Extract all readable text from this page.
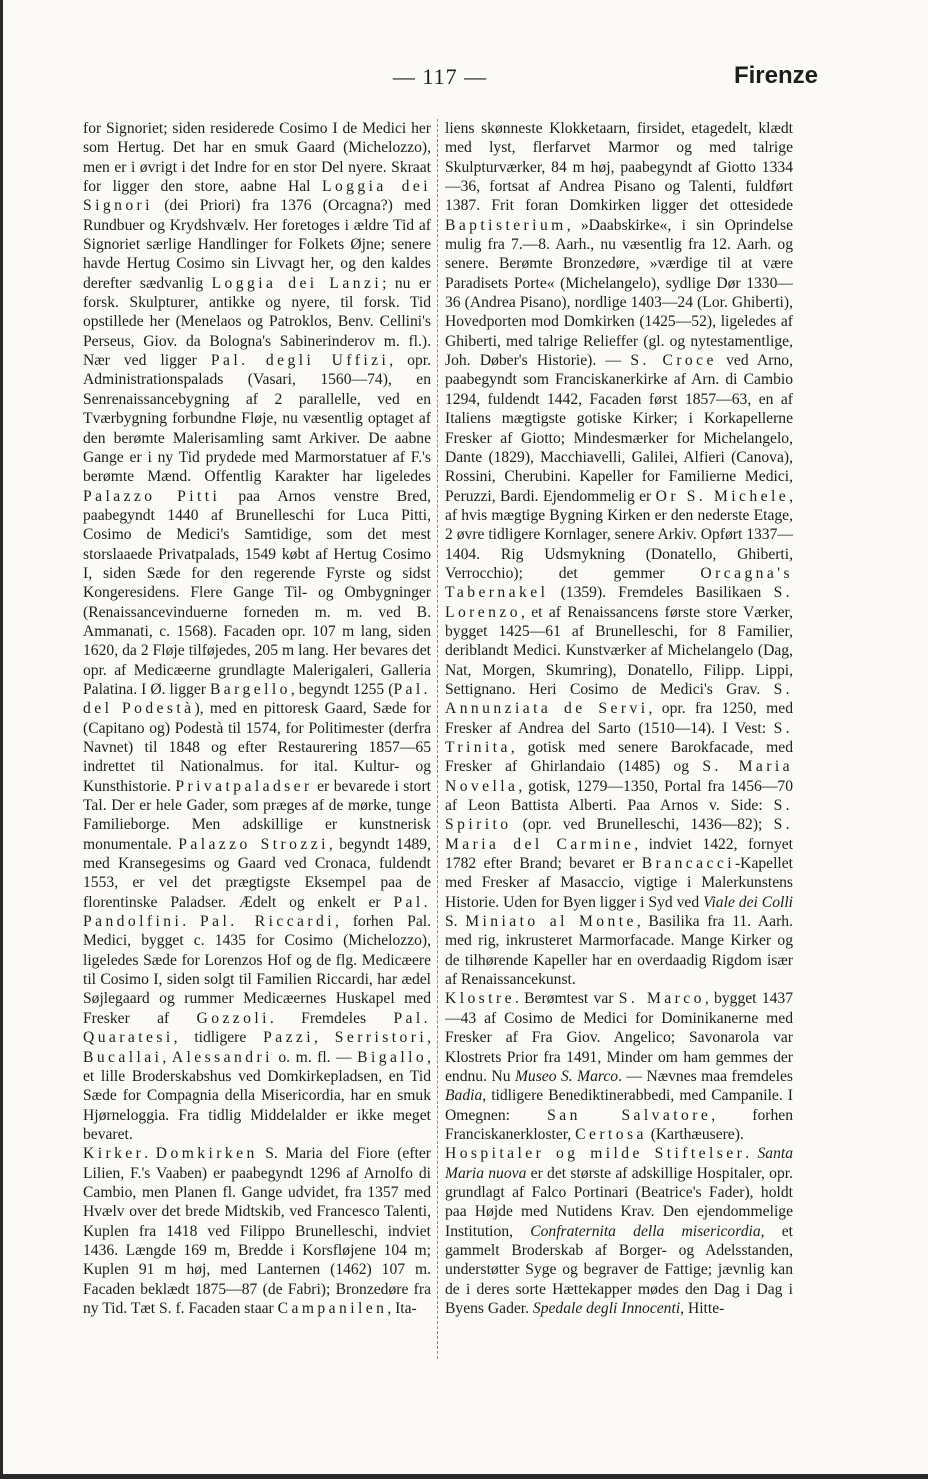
— 117 —	Firenze

for Signoriet; siden residerede Cosimo I de Medici her som Hertug. Det har en smuk Gaard (Michelozzo), men er i øvrigt i det Indre for en stor Del nyere. Skraat for ligger den store, aabne Hal Loggia dei Signori (dei Priori) fra 1376 (Orcagna?) med Rundbuer og Krydshvælv. Her foretoges i ældre Tid af Signoriet særlige Handlinger for Folkets Øjne; senere havde Hertug Cosimo sin Livvagt her, og den kaldes derefter sædvanlig Loggia dei Lanzi; nu er forsk. Skulpturer, antikke og nyere, til forsk. Tid opstillede her (Menelaos og Patroklos, Benv. Cellini's Perseus, Giov. da Bologna's Sabinerinderov m. fl.). Nær ved ligger Pal. degli Uffizi, opr. Administrationspalads (Vasari, 1560—74), en Senrenaissancebygning af 2 parallelle, ved en Tværbygning forbundne Fløje, nu væsentlig optaget af den berømte Malerisamling samt Arkiver. De aabne Gange er i ny Tid prydede med Marmorstatuer af F.'s berømte Mænd. Offentlig Karakter har ligeledes Palazzo Pitti paa Arnos venstre Bred, paabegyndt 1440 af Brunelleschi for Luca Pitti, Cosimo de Medici's Samtidige, som det mest storslaaede Privatpalads, 1549 købt af Hertug Cosimo I, siden Sæde for den regerende Fyrste og sidst Kongeresidens. Flere Gange Til- og Ombygninger (Renaissancevinduerne forneden m. m. ved B. Ammanati, c. 1568). Facaden opr. 107 m lang, siden 1620, da 2 Fløje tilføjedes, 205 m lang. Her bevares det opr. af Medicæerne grundlagte Malerigaleri, Galleria Palatina. I Ø. ligger Bargello, begyndt 1255 (Pal. del Podestà), med en pittoresk Gaard, Sæde for (Capitano og) Podestà til 1574, for Politimester (derfra Navnet) til 1848 og efter Restaurering 1857—65 indrettet til Nationalmus. for ital. Kultur- og Kunsthistorie. Privatpaladser er bevarede i stort Tal. Der er hele Gader, som præges af de mørke, tunge Familieborge. Men adskillige er kunstnerisk monumentale. Palazzo Strozzi, begyndt 1489, med Kransegesims og Gaard ved Cronaca, fuldendt 1553, er vel det prægtigste Eksempel paa de florentinske Paladser. Ædelt og enkelt er Pal. Pandolfini. Pal. Riccardi, forhen Pal. Medici, bygget c. 1435 for Cosimo (Michelozzo), ligeledes Sæde for Lorenzos Hof og de flg. Medicæere til Cosimo I, siden solgt til Familien Riccardi, har ædel Søjlegaard og rummer Medicæernes Huskapel med Fresker af Gozzoli. Fremdeles Pal. Quaratesi, tidligere Pazzi, Serristori, Bucallai, Alessandri o. m. fl. — Bigallo, et lille Broderskabshus ved Domkirkepladsen, en Tid Sæde for Compagnia della Misericordia, har en smuk Hjørneloggia. Fra tidlig Middelalder er ikke meget bevaret.

Kirker. Domkirken S. Maria del Fiore (efter Lilien, F.'s Vaaben) er paabegyndt 1296 af Arnolfo di Cambio, men Planen fl. Gange udvidet, fra 1357 med Hvælv over det brede Midtskib, ved Francesco Talenti, Kuplen fra 1418 ved Filippo Brunelleschi, indviet 1436. Længde 169 m, Bredde i Korsfløjene 104 m; Kuplen 91 m høj, med Lanternen (1462) 107 m. Facaden beklædt 1875—87 (de Fabri); Bronzedøre fra ny Tid. Tæt S. f. Facaden staar Campanilen, Ita-

liens skønneste Klokketaarn, firsidet, etagedelt, klædt med lyst, flerfarvet Marmor og med talrige Skulpturværker, 84 m høj, paabegyndt af Giotto 1334—36, fortsat af Andrea Pisano og Talenti, fuldført 1387. Frit foran Domkirken ligger det ottesidede Baptisterium, »Daabskirke«, i sin Oprindelse mulig fra 7.—8. Aarh., nu væsentlig fra 12. Aarh. og senere. Berømte Bronzedøre, »værdige til at være Paradisets Porte« (Michelangelo), sydlige Dør 1330—36 (Andrea Pisano), nordlige 1403—24 (Lor. Ghiberti), Hovedporten mod Domkirken (1425—52), ligeledes af Ghiberti, med talrige Relieffer (gl. og nytestamentlige, Joh. Døber's Historie). — S. Croce ved Arno, paabegyndt som Franciskanerkirke af Arn. di Cambio 1294, fuldendt 1442, Facaden først 1857—63, en af Italiens mægtigste gotiske Kirker; i Korkapellerne Fresker af Giotto; Mindesmærker for Michelangelo, Dante (1829), Macchiavelli, Galilei, Alfieri (Canova), Rossini, Cherubini. Kapeller for Familierne Medici, Peruzzi, Bardi. Ejendommelig er Or S. Michele, af hvis mægtige Bygning Kirken er den nederste Etage, 2 øvre tidligere Kornlager, senere Arkiv. Opført 1337—1404. Rig Udsmykning (Donatello, Ghiberti, Verrocchio); det gemmer Orcagna's Tabernakel (1359). Fremdeles Basilikaen S. Lorenzo, et af Renaissancens første store Værker, bygget 1425—61 af Brunelleschi, for 8 Familier, deriblandt Medici. Kunstværker af Michelangelo (Dag, Nat, Morgen, Skumring), Donatello, Filipp. Lippi, Settignano. Heri Cosimo de Medici's Grav. S. Annunziata de Servi, opr. fra 1250, med Fresker af Andrea del Sarto (1510—14). I Vest: S. Trinita, gotisk med senere Barokfacade, med Fresker af Ghirlandaio (1485) og S. Maria Novella, gotisk, 1279—1350, Portal fra 1456—70 af Leon Battista Alberti. Paa Arnos v. Side: S. Spirito (opr. ved Brunelleschi, 1436—82); S. Maria del Carmine, indviet 1422, fornyet 1782 efter Brand; bevaret er Brancacci-Kapellet med Fresker af Masaccio, vigtige i Malerkunstens Historie. Uden for Byen ligger i Syd ved Viale dei Colli S. Miniato al Monte, Basilika fra 11. Aarh. med rig, inkrusteret Marmorfacade. Mange Kirker og de tilhørende Kapeller har en overdaadig Rigdom især af Renaissancekunst.

Klostre. Berømtest var S. Marco, bygget 1437—43 af Cosimo de Medici for Dominikanerne med Fresker af Fra Giov. Angelico; Savonarola var Klostrets Prior fra 1491, Minder om ham gemmes der endnu. Nu Museo S. Marco. — Nævnes maa fremdeles Badia, tidligere Benediktinerabbedi, med Campanile. I Omegnen: San Salvatore, forhen Franciskanerkloster, Certosa (Karthæusere).

Hospitaler og milde Stiftelser. Santa Maria nuova er det største af adskillige Hospitaler, opr. grundlagt af Falco Portinari (Beatrice's Fader), holdt paa Højde med Nutidens Krav. Den ejendommelige Institution, Confraternita della misericordia, et gammelt Broderskab af Borger- og Adelsstanden, understøtter Syge og begraver de Fattige; jævnlig kan de i deres sorte Hættekapper mødes den Dag i Dag i Byens Gader. Spedale degli Innocenti, Hitte-
